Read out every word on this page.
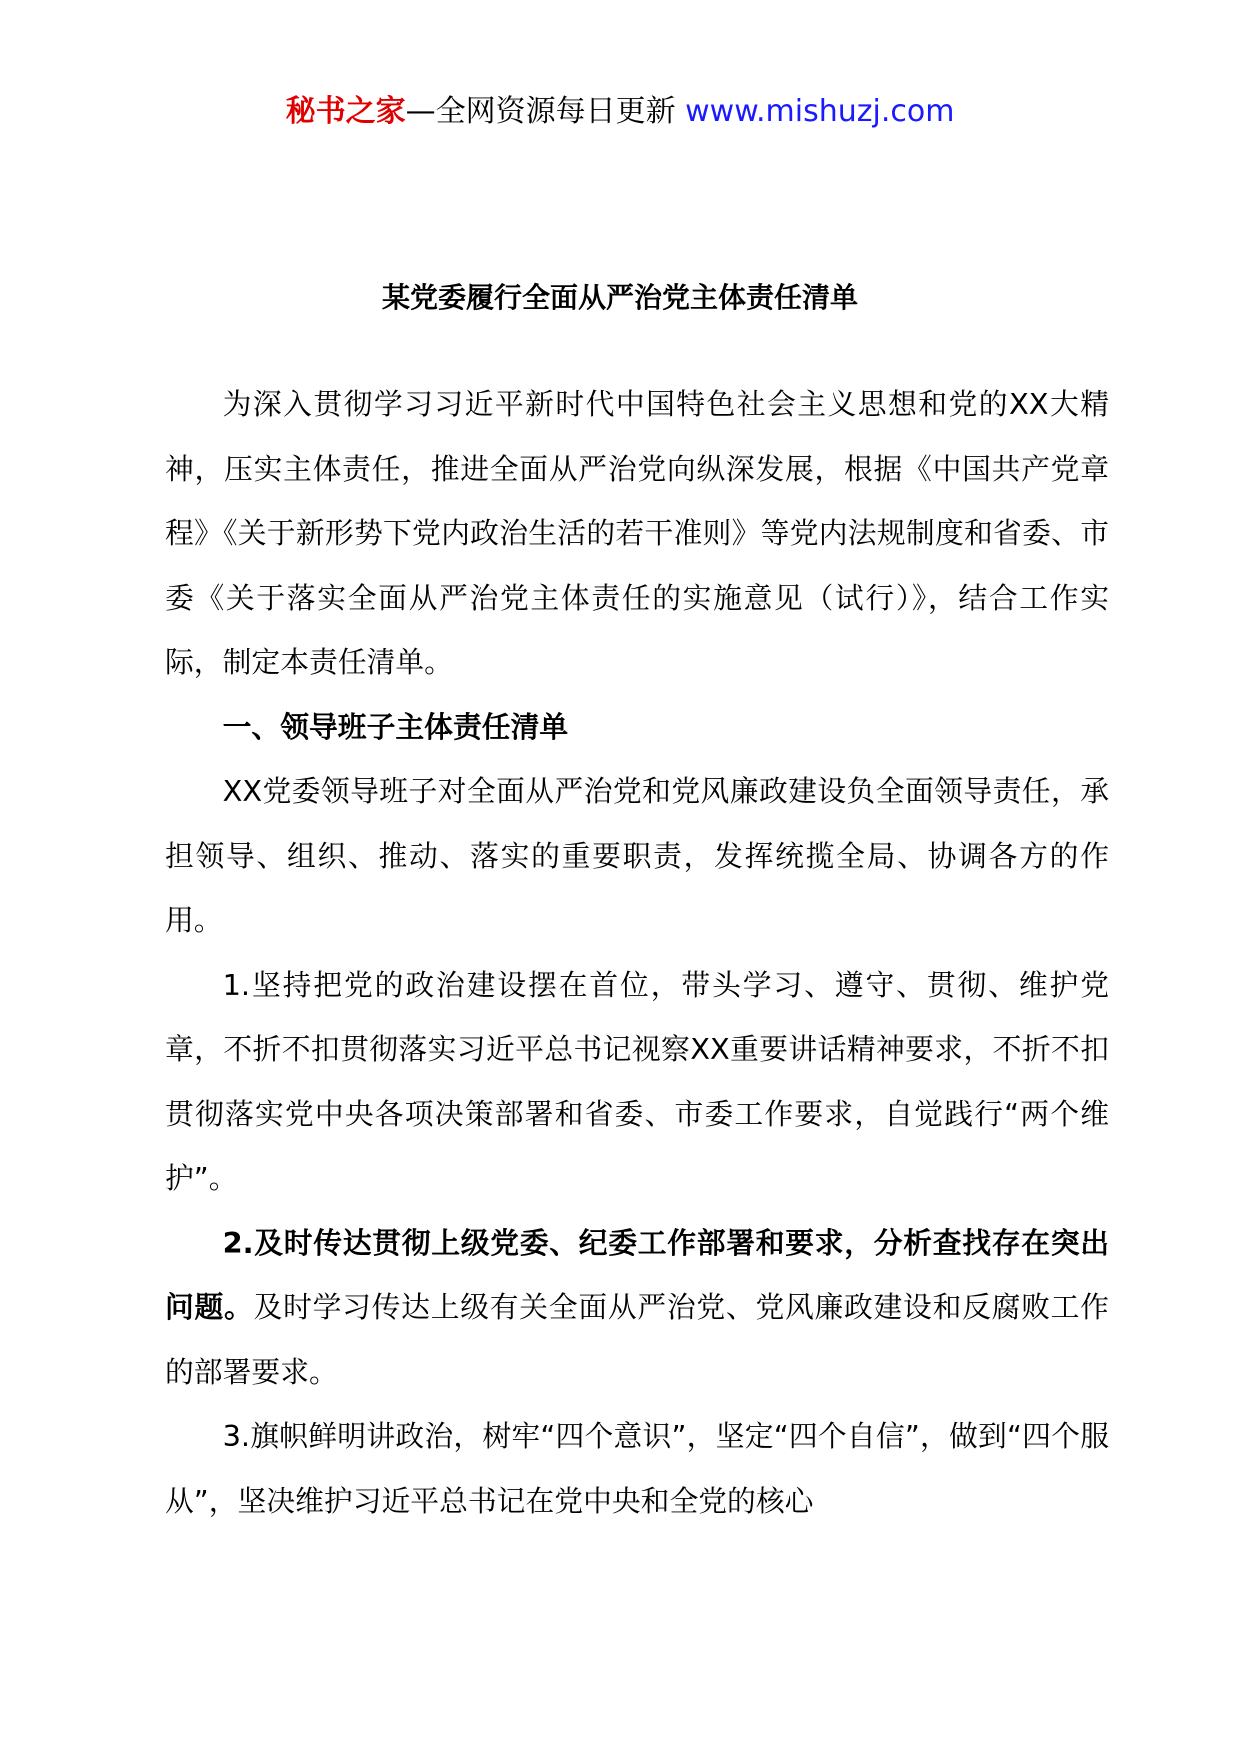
秘书之家—全网资源每日更新 www.mishuzj.com
某党委履行全面从严治党主体责任清单

为深入贯彻学习习近平新时代中国特色社会主义思想和党的XX大精神，压实主体责任，推进全面从严治党向纵深发展，根据《中国共产党章程》《关于新形势下党内政治生活的若干准则》等党内法规制度和省委、市委《关于落实全面从严治党主体责任的实施意见（试行）》，结合工作实际，制定本责任清单。

一、领导班子主体责任清单

XX党委领导班子对全面从严治党和党风廉政建设负全面领导责任，承担领导、组织、推动、落实的重要职责，发挥统揽全局、协调各方的作用。

1.坚持把党的政治建设摆在首位，带头学习、遵守、贯彻、维护党章，不折不扣贯彻落实习近平总书记视察XX重要讲话精神要求，不折不扣贯彻落实党中央各项决策部署和省委、市委工作要求，自觉践行“两个维护”。

2.及时传达贯彻上级党委、纪委工作部署和要求，分析查找存在突出问题。及时学习传达上级有关全面从严治党、党风廉政建设和反腐败工作的部署要求。

3.旗帜鲜明讲政治，树牢“四个意识”，坚定“四个自信”，做到“四个服从”，坚决维护习近平总书记在党中央和全党的核心
